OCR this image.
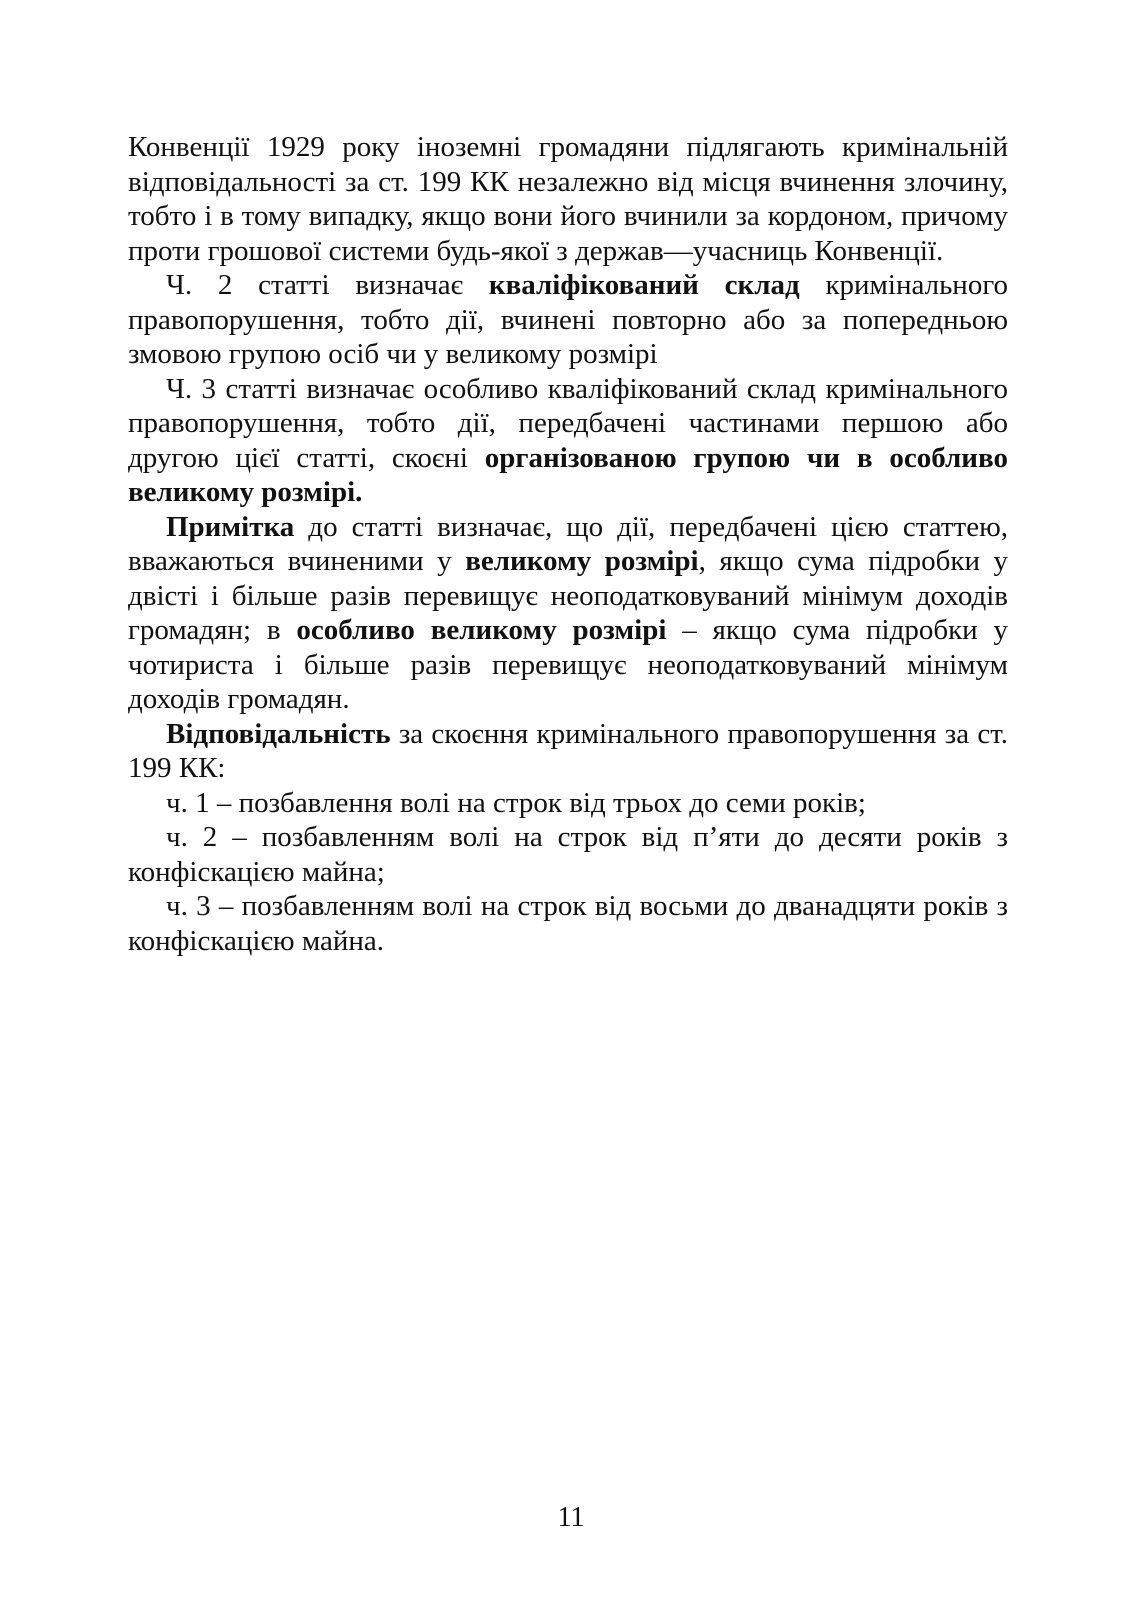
Конвенції 1929 року іноземні громадяни підлягають кримінальній відповідальності за ст. 199 КК незалежно від місця вчинення злочину, тобто і в тому випадку, якщо вони його вчинили за кордоном, причому проти грошової системи будь-якої з держав—учасниць Конвенції.

Ч. 2 статті визначає кваліфікований склад кримінального правопорушення, тобто дії, вчинені повторно або за попередньою змовою групою осіб чи у великому розмірі

Ч. 3 статті визначає особливо кваліфікований склад кримінального правопорушення, тобто дії, передбачені частинами першою або другою цієї статті, скоєні організованою групою чи в особливо великому розмірі.

Примітка до статті визначає, що дії, передбачені цією статтею, вважаються вчиненими у великому розмірі, якщо сума підробки у двісті і більше разів перевищує неоподатковуваний мінімум доходів громадян; в особливо великому розмірі – якщо сума підробки у чотириста і більше разів перевищує неоподатковуваний мінімум доходів громадян.

Відповідальність за скоєння кримінального правопорушення за ст. 199 КК:

ч. 1 – позбавлення волі на строк від трьох до семи років;

ч. 2 – позбавленням волі на строк від п’яти до десяти років з конфіскацією майна;

ч. 3 – позбавленням волі на строк від восьми до дванадцяти років з конфіскацією майна.

11
